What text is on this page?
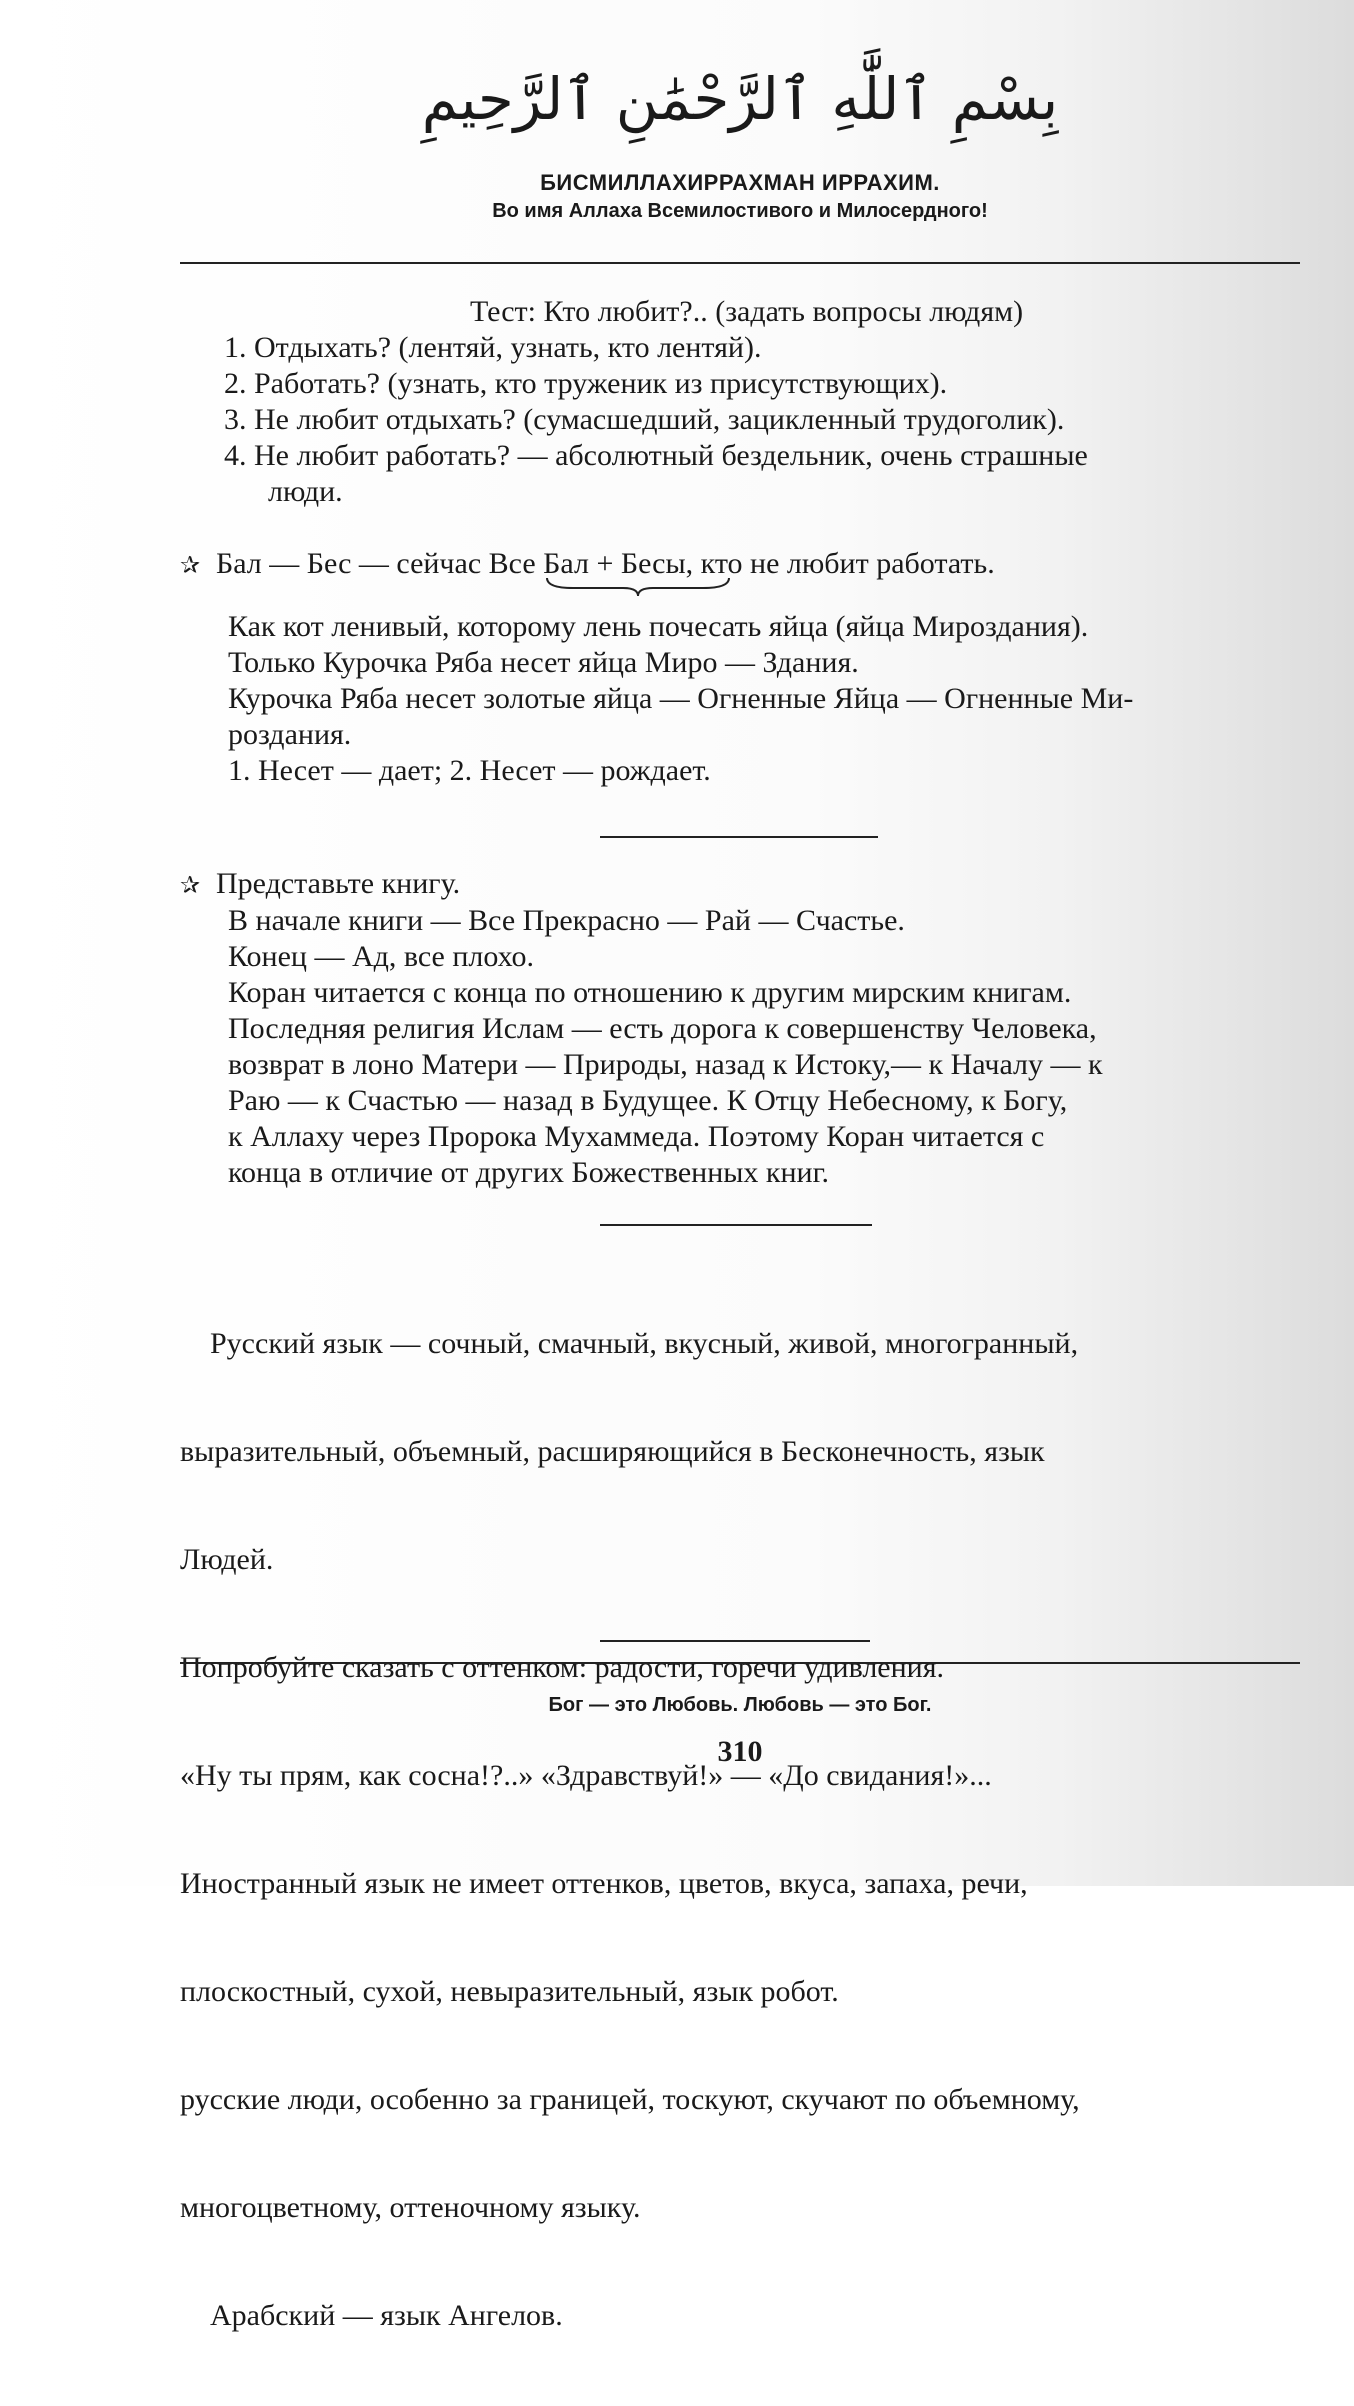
بِسْمِ ٱللَّٰهِ ٱلرَّحْمَٰنِ ٱلرَّحِيمِ
БИСМИЛЛАХИРРАХМАН ИРРАХИМ.
Во имя Аллаха Всемилостивого и Милосердного!
Тест: Кто любит?.. (задать вопросы людям)
1. Отдыхать? (лентяй, узнать, кто лентяй).
2. Работать? (узнать, кто труженик из присутствующих).
3. Не любит отдыхать? (сумасшедший, зацикленный трудоголик).
4. Не любит работать? — абсолютный бездельник, очень страшные
люди.
✰ Бал — Бес — сейчас Все Бал + Бесы,
кто не любит работать.
Как кот ленивый, которому лень почесать яйца (яйца Мироздания).
Только Курочка Ряба несет яйца Миро — Здания.
Курочка Ряба несет золотые яйца — Огненные Яйца — Огненные Ми-
роздания.
1. Несет — дает; 2. Несет — рождает.
✰ Представьте книгу.
В начале книги — Все Прекрасно — Рай — Счастье.
Конец — Ад, все плохо.
Коран читается с конца по отношению к другим мирским книгам.
Последняя религия Ислам — есть дорога к совершенству Человека,
возврат в лоно Матери — Природы, назад к Истоку,— к Началу — к
Раю — к Счастью — назад в Будущее. К Отцу Небесному, к Богу,
к Аллаху через Пророка Мухаммеда. Поэтому Коран читается с
конца в отличие от других Божественных книг.

Русский язык — сочный, смачный, вкусный, живой, многогранный,

выразительный, объемный, расширяющийся в Бесконечность, язык

Людей.

Попробуйте сказать с оттенком: радости, горечи удивления.

«Ну ты прям, как сосна!?..» «Здравствуй!» — «До свидания!»...

Иностранный язык не имеет оттенков, цветов, вкуса, запаха, речи,

плоскостный, сухой, невыразительный, язык робот.

русские люди, особенно за границей, тоскуют, скучают по объемному,

многоцветному, оттеночному языку.

Арабский — язык Ангелов.

Бог — это Любовь. Любовь — это Бог.
310
